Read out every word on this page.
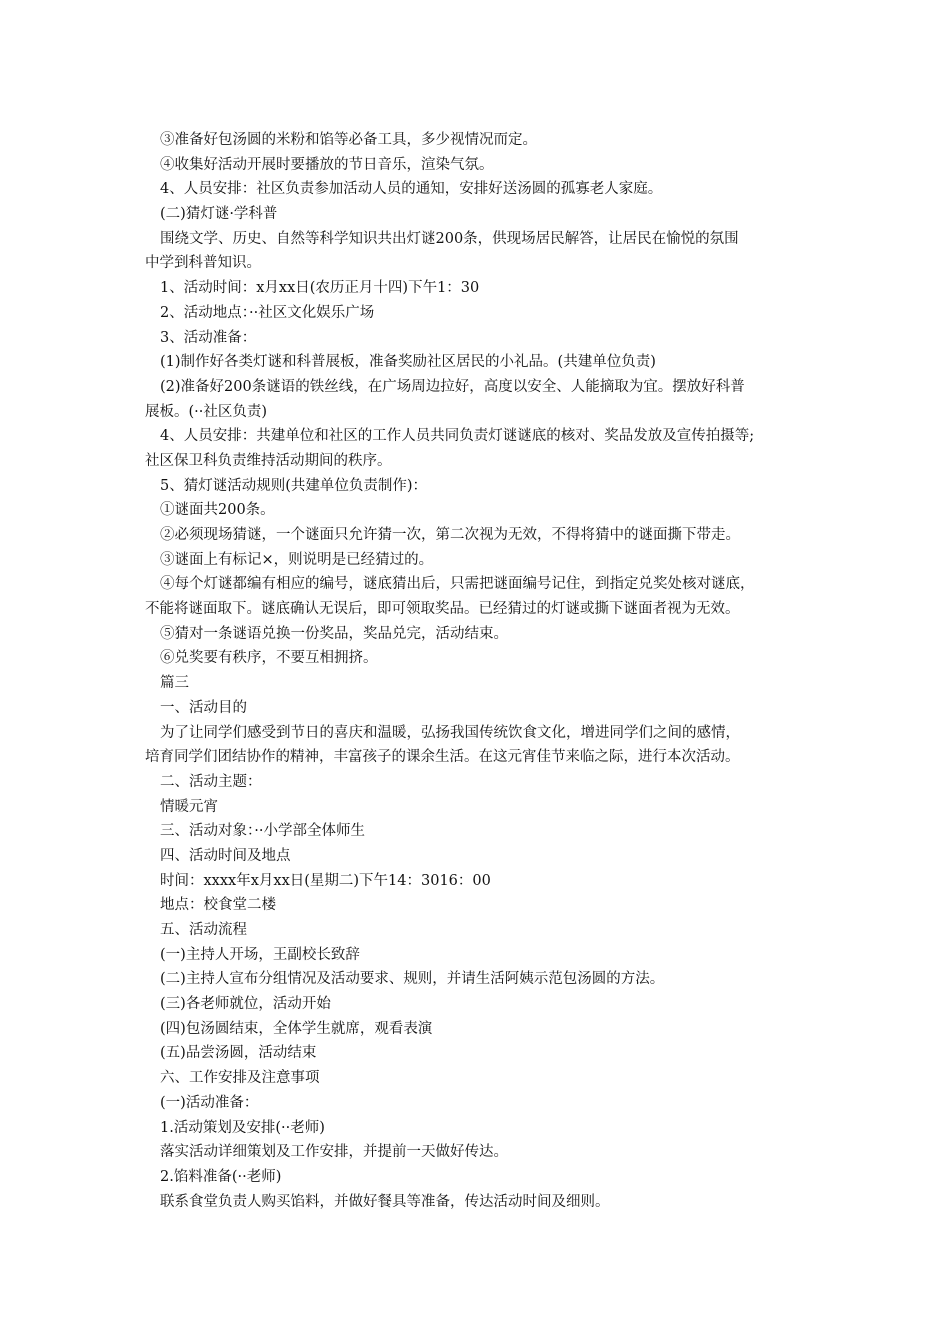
③准备好包汤圆的米粉和馅等必备工具，多少视情况而定。
④收集好活动开展时要播放的节日音乐，渲染气氛。
4、人员安排：社区负责参加活动人员的通知，安排好送汤圆的孤寡老人家庭。
(二)猜灯谜·学科普
围绕文学、历史、自然等科学知识共出灯谜200条，供现场居民解答，让居民在愉悦的氛围
中学到科普知识。
1、活动时间：x月xx日(农历正月十四)下午1：30
2、活动地点：··社区文化娱乐广场
3、活动准备：
(1)制作好各类灯谜和科普展板，准备奖励社区居民的小礼品。(共建单位负责)
(2)准备好200条谜语的铁丝线，在广场周边拉好，高度以安全、人能摘取为宜。摆放好科普
展板。(··社区负责)
4、人员安排：共建单位和社区的工作人员共同负责灯谜谜底的核对、奖品发放及宣传拍摄等;
社区保卫科负责维持活动期间的秩序。
5、猜灯谜活动规则(共建单位负责制作)：
①谜面共200条。
②必须现场猜谜，一个谜面只允许猜一次，第二次视为无效，不得将猜中的谜面撕下带走。
③谜面上有标记×，则说明是已经猜过的。
④每个灯谜都编有相应的编号，谜底猜出后，只需把谜面编号记住，到指定兑奖处核对谜底，
不能将谜面取下。谜底确认无误后，即可领取奖品。已经猜过的灯谜或撕下谜面者视为无效。
⑤猜对一条谜语兑换一份奖品，奖品兑完，活动结束。
⑥兑奖要有秩序，不要互相拥挤。
篇三
一、活动目的
为了让同学们感受到节日的喜庆和温暖，弘扬我国传统饮食文化，增进同学们之间的感情，
培育同学们团结协作的精神，丰富孩子的课余生活。在这元宵佳节来临之际，进行本次活动。
二、活动主题：
情暖元宵
三、活动对象：··小学部全体师生
四、活动时间及地点
时间：xxxx年x月xx日(星期二)下午14：3016：00
地点：校食堂二楼
五、活动流程
(一)主持人开场，王副校长致辞
(二)主持人宣布分组情况及活动要求、规则，并请生活阿姨示范包汤圆的方法。
(三)各老师就位，活动开始
(四)包汤圆结束，全体学生就席，观看表演
(五)品尝汤圆，活动结束
六、工作安排及注意事项
(一)活动准备：
1.活动策划及安排(··老师)
落实活动详细策划及工作安排，并提前一天做好传达。
2.馅料准备(··老师)
联系食堂负责人购买馅料，并做好餐具等准备，传达活动时间及细则。
